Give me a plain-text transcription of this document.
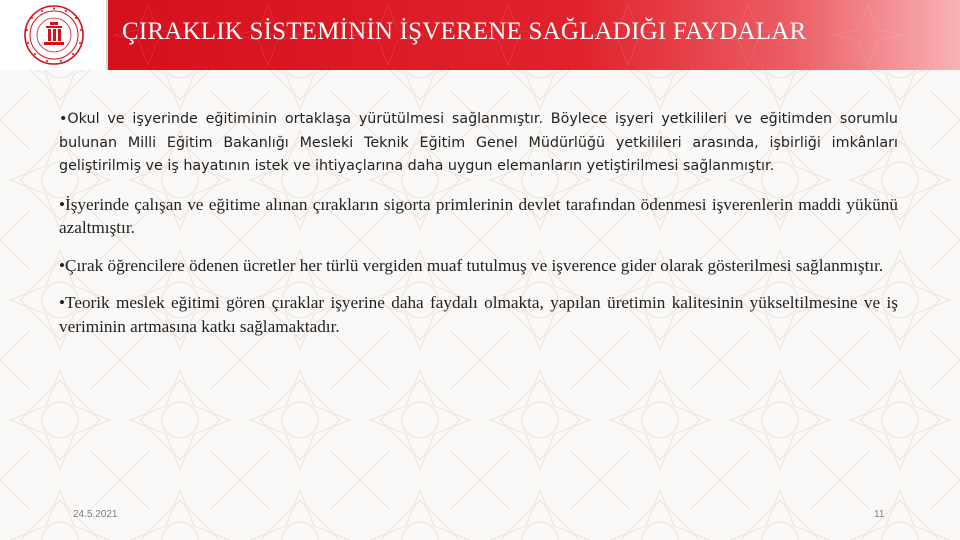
ÇIRAKLIK SİSTEMİNİN İŞVERENE SAĞLADIĞI FAYDALAR

•Okul ve işyerinde eğitiminin ortaklaşa yürütülmesi sağlanmıştır. Böylece işyeri yetkilileri ve eğitimden sorumlu bulunan Milli Eğitim Bakanlığı Mesleki Teknik Eğitim Genel Müdürlüğü yetkilileri arasında, işbirliği imkânları geliştirilmiş ve iş hayatının istek ve ihtiyaçlarına daha uygun elemanların yetiştirilmesi sağlanmıştır.

•İşyerinde çalışan ve eğitime alınan çırakların sigorta primlerinin devlet tarafından ödenmesi işverenlerin maddi yükünü azaltmıştır.

•Çırak öğrencilere ödenen ücretler her türlü vergiden muaf tutulmuş ve işverence gider olarak gösterilmesi sağlanmıştır.

•Teorik meslek eğitimi gören çıraklar işyerine daha faydalı olmakta, yapılan üretimin kalitesinin yükseltilmesine ve iş veriminin artmasına katkı sağlamaktadır.

24.5.2021	11
